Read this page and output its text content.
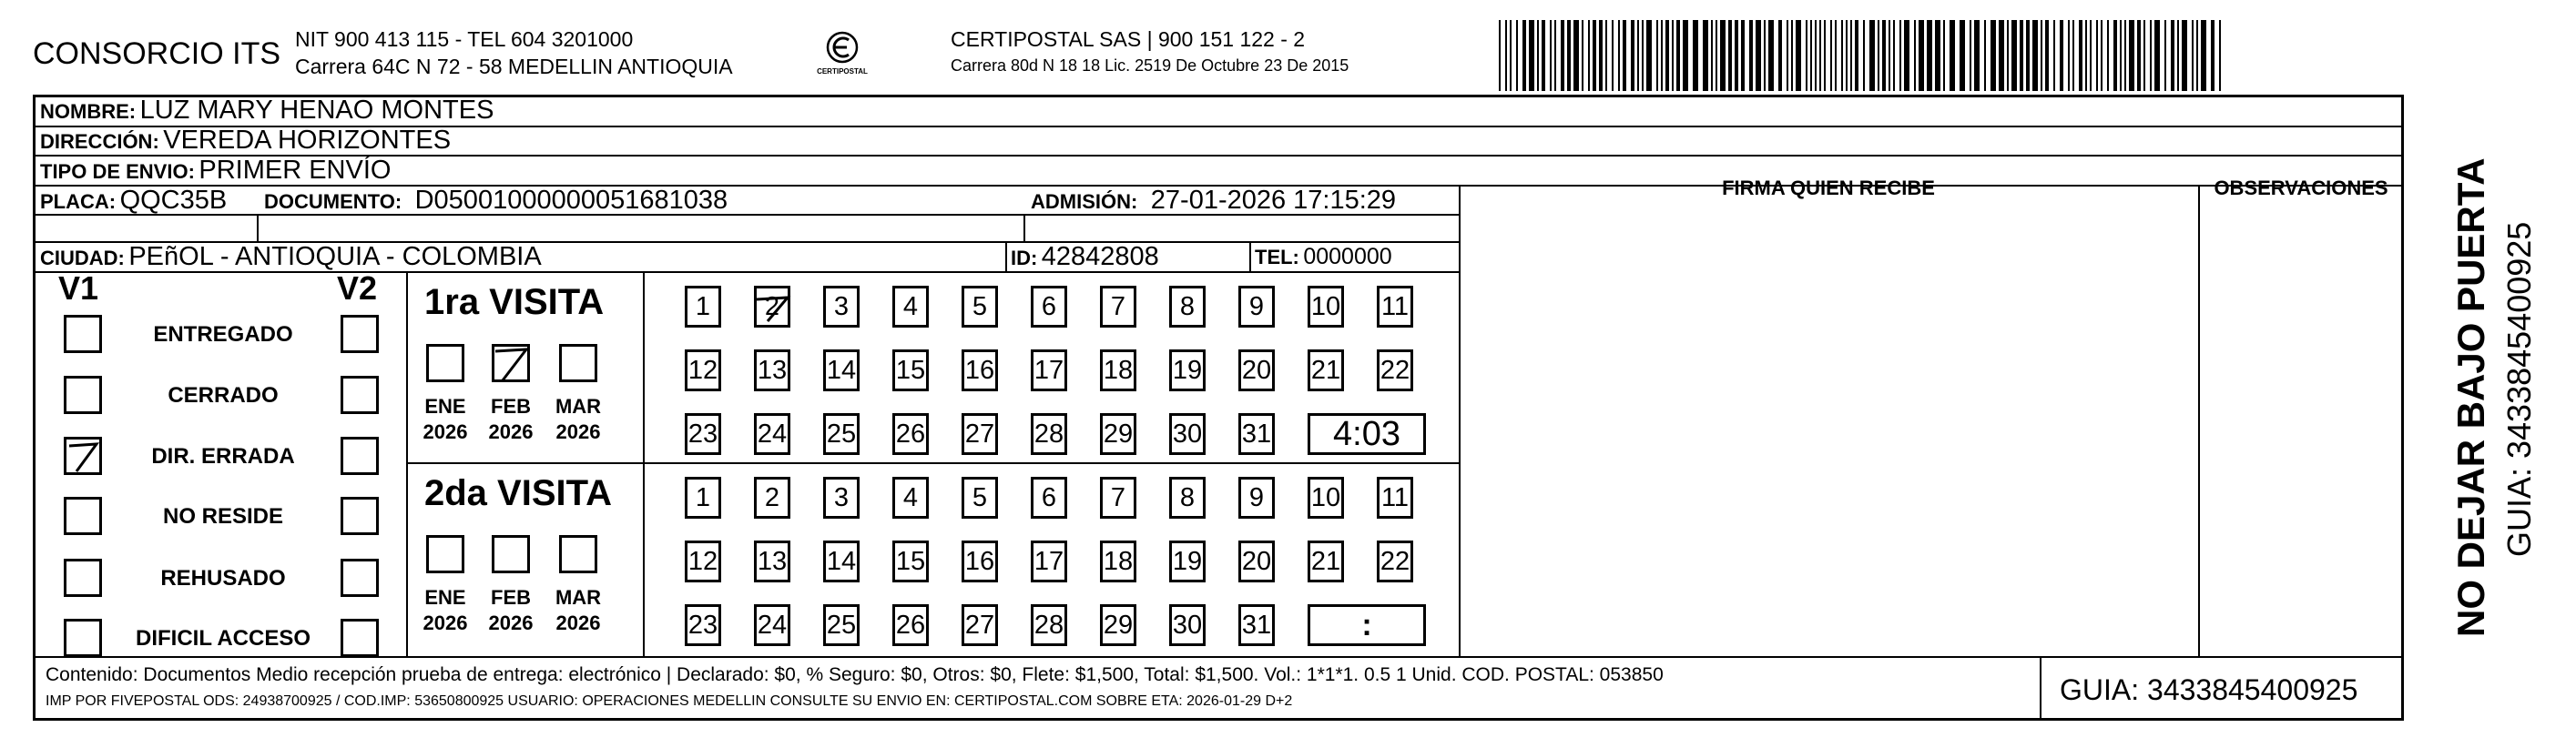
CONSORCIO ITS NIT 900 413 115 - TEL 604 3201000
Carrera 64C N 72 - 58 MEDELLIN ANTIOQUIA	CERTIPOSTAL
CERTIPOSTAL SAS | 900 151 122 - 2
Carrera 80d N 18 18 Lic. 2519 De Octubre 23 De 2015
NOMBRE: LUZ MARY HENAO MONTES
DIRECCIÓN: VEREDA HORIZONTES
TIPO DE ENVIO: PRIMER ENVÍO
FIRMA QUIEN RECIBE	OBSERVACIONES
PLACA: QQC35B DOCUMENTO: D05001000000051681038	ADMISIÓN: 27-01-2026 17:15:29
CIUDAD: PEñOL - ANTIOQUIA - COLOMBIA	ID: 42842808	TEL: 0000000
V1	V2
ENTREGADO
CERRADO
DIR. ERRADA
NO RESIDE
REHUSADO
DIFICIL ACCESO
1ra VISITA
ENE
2026
FEB
2026
MAR
2026
1	2	3	4	5	6	7	8	9	10 11
12 13 14 15 16 17 18 19 20 21 22
23 24 25 26 27 28 29 30 31	4:03
2da VISITA
ENE
2026
FEB
2026
MAR
2026
1	2	3	4	5	6	7	8	9	10 11
12 13 14 15 16 17 18 19 20 21 22
23 24 25 26 27 28 29 30 31	:
Contenido: Documentos Medio recepción prueba de entrega: electrónico | Declarado: $0, % Seguro: $0, Otros: $0, Flete: $1,500, Total: $1,500. Vol.: 1*1*1. 0.5 1 Unid. COD. POSTAL: 053850
IMP POR FIVEPOSTAL ODS: 24938700925 / COD.IMP: 53650800925 USUARIO: OPERACIONES MEDELLIN CONSULTE SU ENVIO EN: CERTIPOSTAL.COM SOBRE ETA: 2026-01-29 D+2	GUIA: 3433845400925
NO DEJAR BAJO PUERTA GUIA: 3433845400925
